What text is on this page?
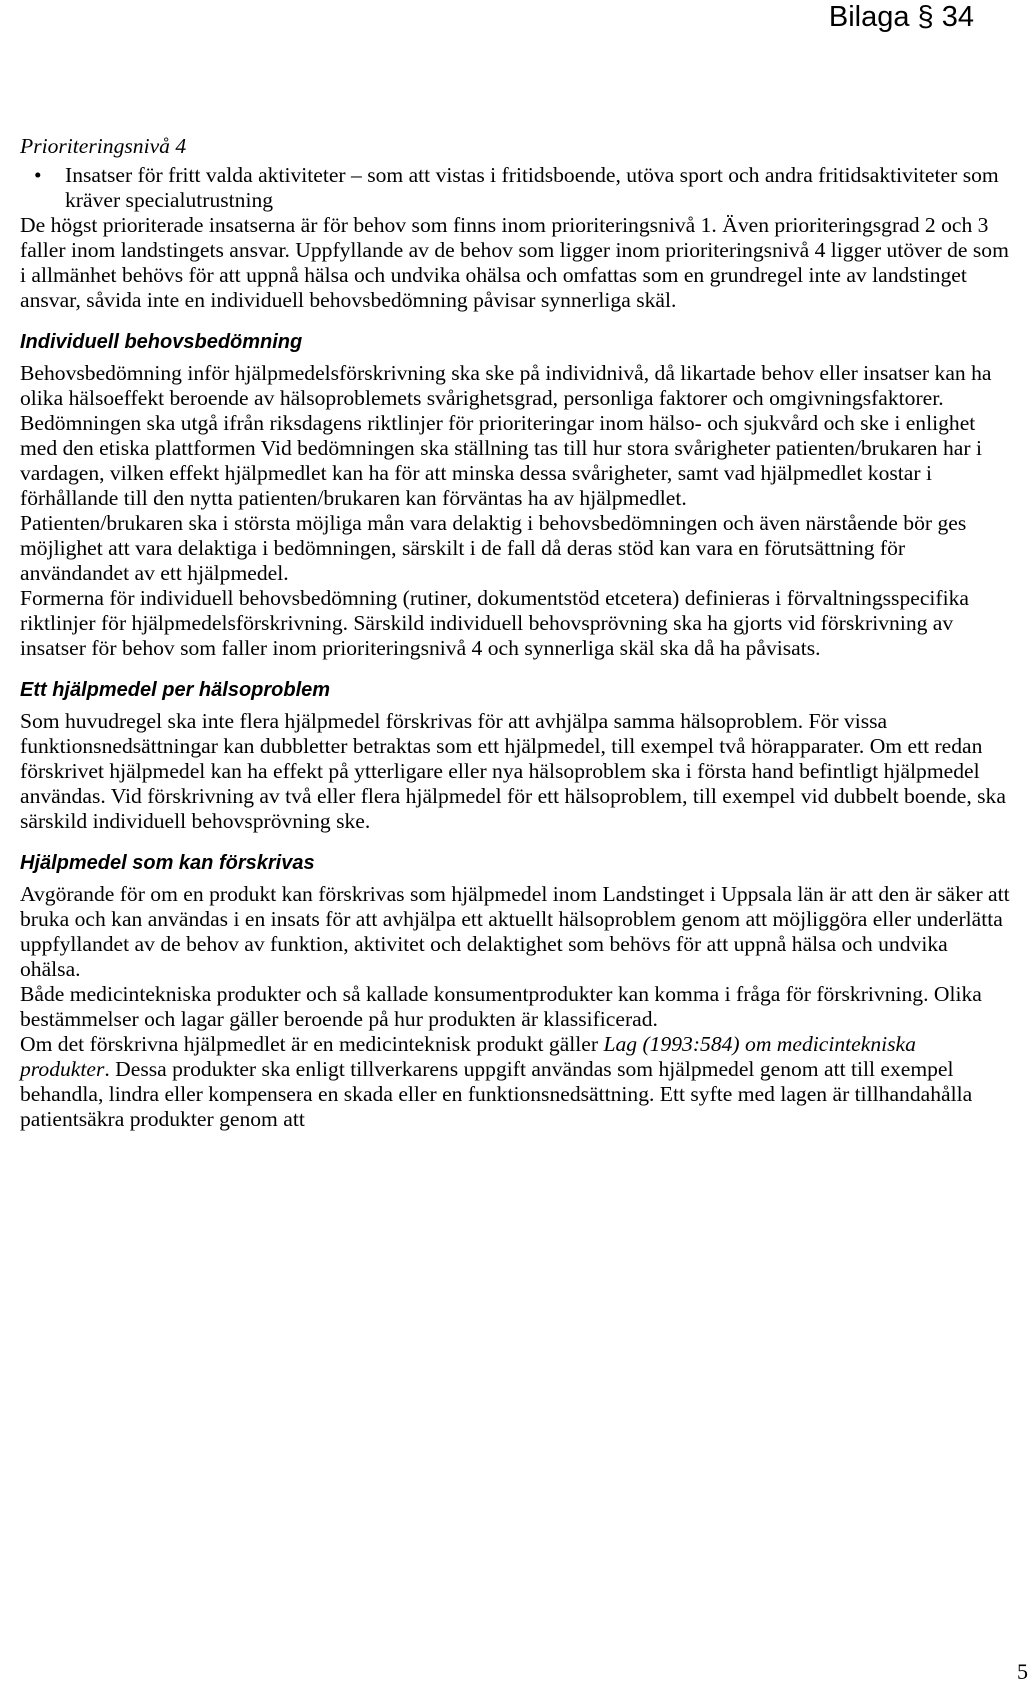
Bilaga § 34

Prioriteringsnivå 4

• Insatser för fritt valda aktiviteter – som att vistas i fritidsboende, utöva sport och andra fritidsaktiviteter som kräver specialutrustning

De högst prioriterade insatserna är för behov som finns inom prioriteringsnivå 1. Även prioriteringsgrad 2 och 3 faller inom landstingets ansvar. Uppfyllande av de behov som ligger inom prioriteringsnivå 4 ligger utöver de som i allmänhet behövs för att uppnå hälsa och undvika ohälsa och omfattas som en grundregel inte av landstinget ansvar, såvida inte en individuell behovsbedömning påvisar synnerliga skäl.

Individuell behovsbedömning

Behovsbedömning inför hjälpmedelsförskrivning ska ske på individnivå, då likartade behov eller insatser kan ha olika hälsoeffekt beroende av hälsoproblemets svårighetsgrad, personliga faktorer och omgivningsfaktorer. Bedömningen ska utgå ifrån riksdagens riktlinjer för prioriteringar inom hälso- och sjukvård och ske i enlighet med den etiska plattformen Vid bedömningen ska ställning tas till hur stora svårigheter patienten/brukaren har i vardagen, vilken effekt hjälpmedlet kan ha för att minska dessa svårigheter, samt vad hjälpmedlet kostar i förhållande till den nytta patienten/brukaren kan förväntas ha av hjälpmedlet.

Patienten/brukaren ska i största möjliga mån vara delaktig i behovsbedömningen och även närstående bör ges möjlighet att vara delaktiga i bedömningen, särskilt i de fall då deras stöd kan vara en förutsättning för användandet av ett hjälpmedel.

Formerna för individuell behovsbedömning (rutiner, dokumentstöd etcetera) definieras i förvaltningsspecifika riktlinjer för hjälpmedelsförskrivning. Särskild individuell behovsprövning ska ha gjorts vid förskrivning av insatser för behov som faller inom prioriteringsnivå 4 och synnerliga skäl ska då ha påvisats.

Ett hjälpmedel per hälsoproblem

Som huvudregel ska inte flera hjälpmedel förskrivas för att avhjälpa samma hälsoproblem. För vissa funktionsnedsättningar kan dubbletter betraktas som ett hjälpmedel, till exempel två hörapparater. Om ett redan förskrivet hjälpmedel kan ha effekt på ytterligare eller nya hälsoproblem ska i första hand befintligt hjälpmedel användas. Vid förskrivning av två eller flera hjälpmedel för ett hälsoproblem, till exempel vid dubbelt boende, ska särskild individuell behovsprövning ske.

Hjälpmedel som kan förskrivas

Avgörande för om en produkt kan förskrivas som hjälpmedel inom Landstinget i Uppsala län är att den är säker att bruka och kan användas i en insats för att avhjälpa ett aktuellt hälsoproblem genom att möjliggöra eller underlätta uppfyllandet av de behov av funktion, aktivitet och delaktighet som behövs för att uppnå hälsa och undvika ohälsa.

Både medicintekniska produkter och så kallade konsumentprodukter kan komma i fråga för förskrivning. Olika bestämmelser och lagar gäller beroende på hur produkten är klassificerad.

Om det förskrivna hjälpmedlet är en medicinteknisk produkt gäller Lag (1993:584) om medicintekniska produkter. Dessa produkter ska enligt tillverkarens uppgift användas som hjälpmedel genom att till exempel behandla, lindra eller kompensera en skada eller en funktionsnedsättning. Ett syfte med lagen är tillhandahålla patientsäkra produkter genom att

5
